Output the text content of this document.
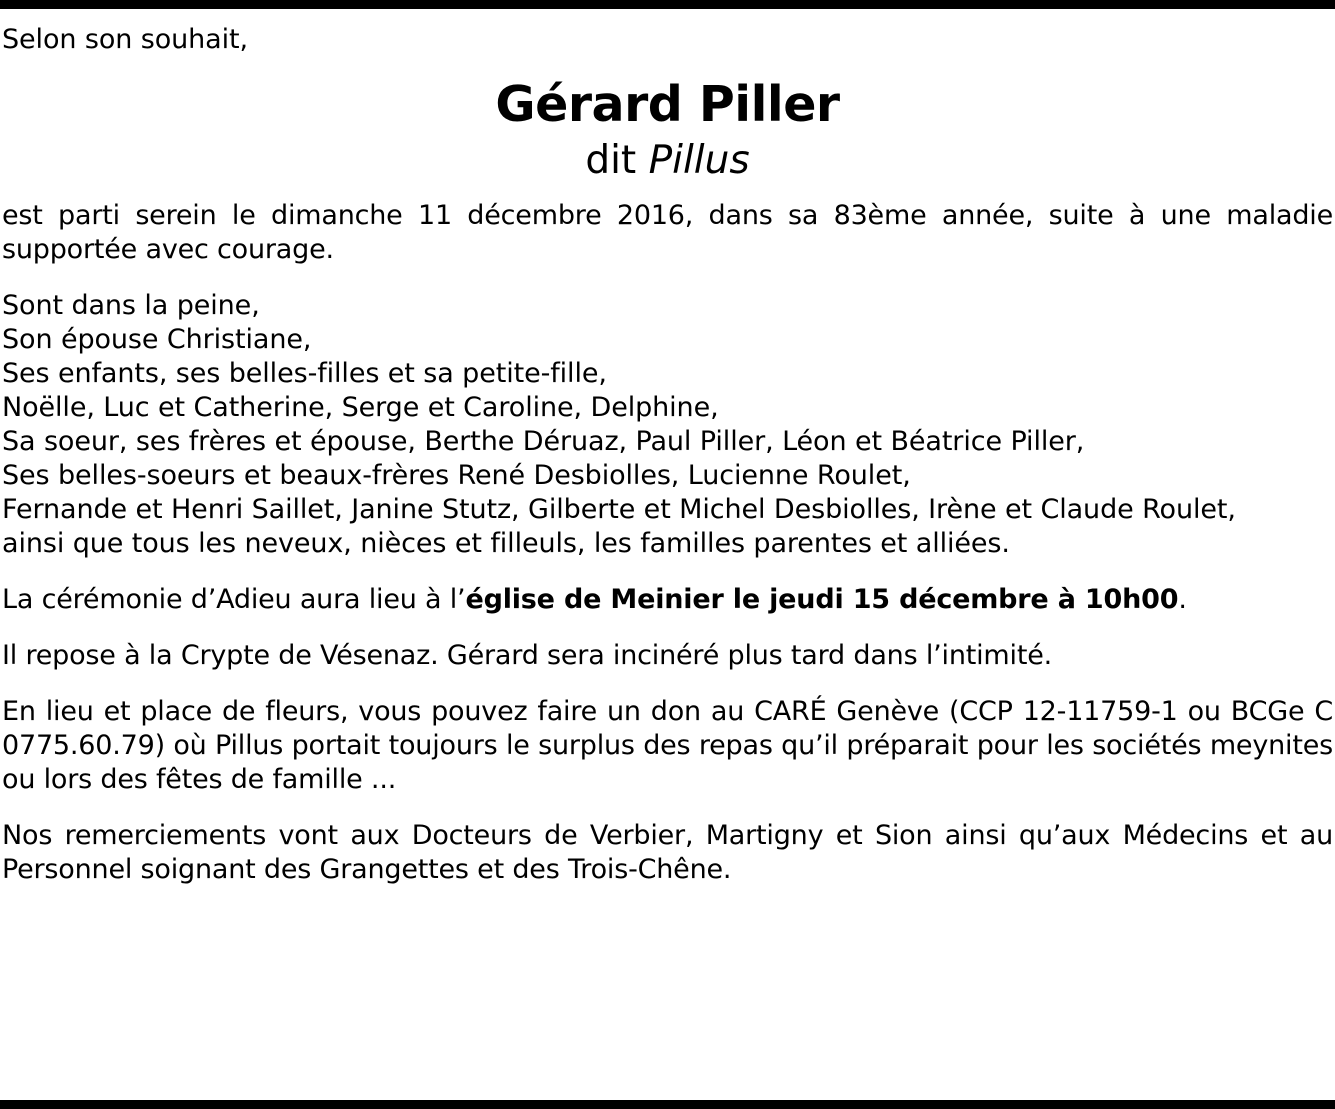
Selon son souhait,
Gérard Piller
dit Pillus
est parti serein le dimanche 11 décembre 2016, dans sa 83ème année, suite à une maladie supportée avec courage.
Sont dans la peine,
Son épouse Christiane,
Ses enfants, ses belles-filles et sa petite-fille,
Noëlle, Luc et Catherine, Serge et Caroline, Delphine,
Sa soeur, ses frères et épouse, Berthe Déruaz, Paul Piller, Léon et Béatrice Piller,
Ses belles-soeurs et beaux-frères René Desbiolles, Lucienne Roulet,
Fernande et Henri Saillet, Janine Stutz, Gilberte et Michel Desbiolles, Irène et Claude Roulet,
ainsi que tous les neveux, nièces et filleuls, les familles parentes et alliées.
La cérémonie d’Adieu aura lieu à l’église de Meinier le jeudi 15 décembre à 10h00.
Il repose à la Crypte de Vésenaz. Gérard sera incinéré plus tard dans l’intimité.
En lieu et place de fleurs, vous pouvez faire un don au CARÉ Genève (CCP 12-11759-1 ou BCGe C 0775.60.79) où Pillus portait toujours le surplus des repas qu’il préparait pour les sociétés meynites ou lors des fêtes de famille ...
Nos remerciements vont aux Docteurs de Verbier, Martigny et Sion ainsi qu’aux Médecins et au Personnel soignant des Grangettes et des Trois-Chêne.
